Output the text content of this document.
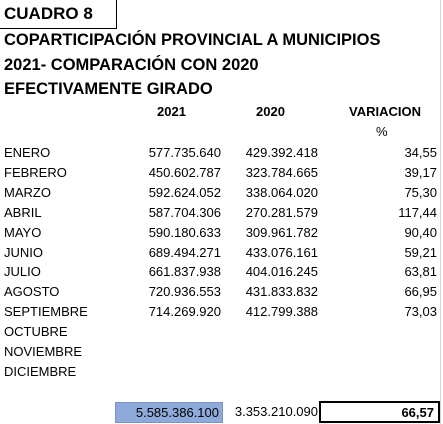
CUADRO 8
COPARTICIPACIÓN PROVINCIAL A MUNICIPIOS
2021- COMPARACIÓN CON 2020
EFECTIVAMENTE GIRADO
2021	2020	VARIACION
%
ENERO	577.735.640 429.392.418	34,55
FEBRERO	450.602.787 323.784.665	39,17
MARZO	592.624.052 338.064.020	75,30
ABRIL	587.704.306 270.281.579	117,44
MAYO	590.180.633 309.961.782	90,40
JUNIO	689.494.271 433.076.161	59,21
JULIO	661.837.938 404.016.245	63,81
AGOSTO	720.936.553 431.833.832	66,95
SEPTIEMBRE	714.269.920 412.799.388	73,03
OCTUBRE
NOVIEMBRE
DICIEMBRE
5.585.386.100 3.353.210.090	66,57
